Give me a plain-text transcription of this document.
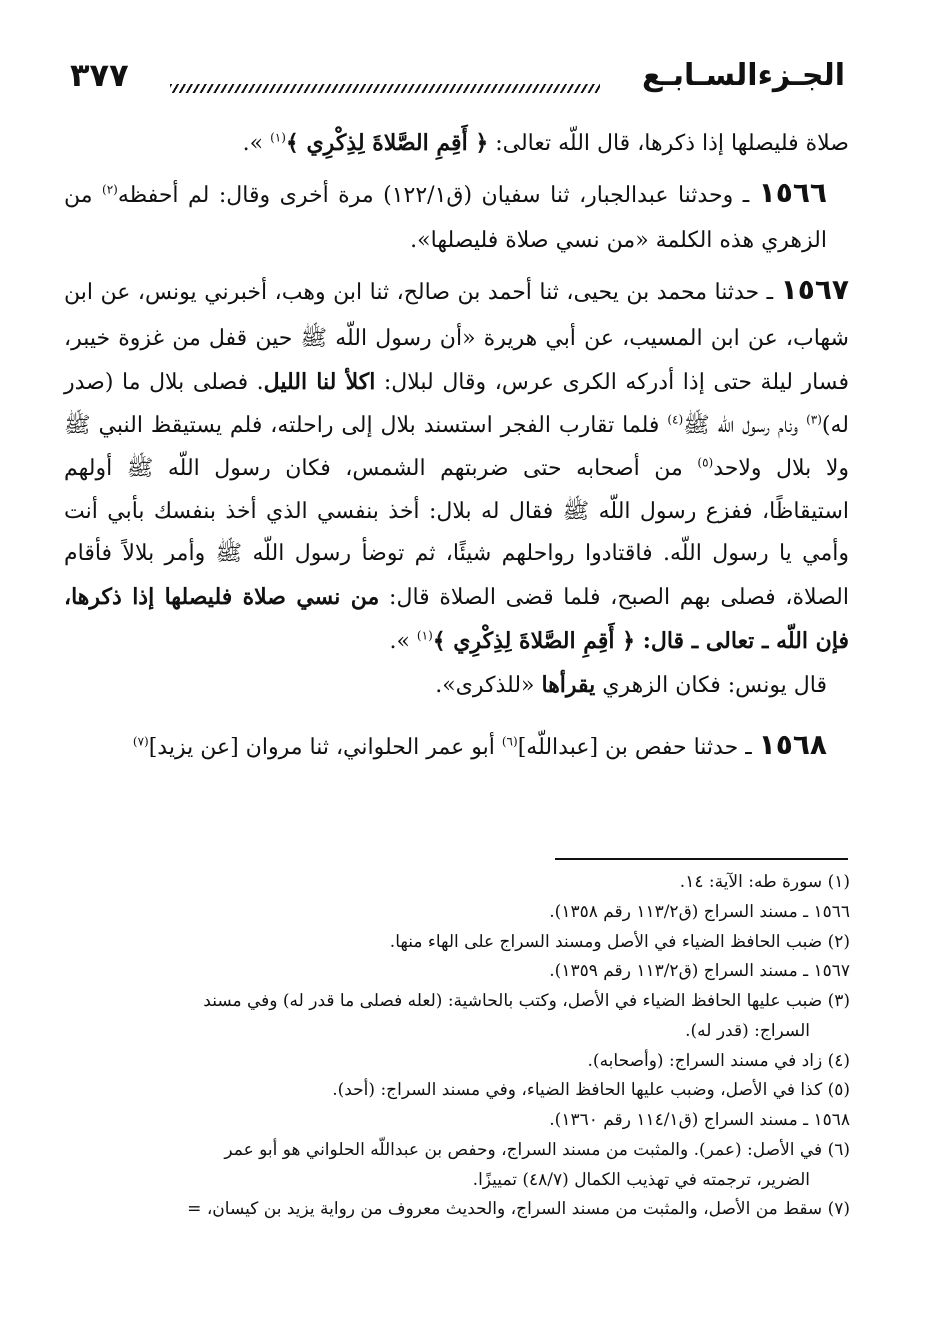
الجـزءالسـابـع
٣٧٧

صلاة فليصلها إذا ذكرها، قال اللّه تعالى: ﴿ أَقِمِ الصَّلاةَ لِذِكْرِي ﴾$^{(١)}$ ».

١٥٦٦ ـ وحدثنا عبدالجبار، ثنا سفيان (ق١٢٢/١) مرة أخرى وقال: لم أحفظه$^{(٢)}$ من الزهري هذه الكلمة «من نسي صلاة فليصلها».

١٥٦٧ ـ حدثنا محمد بن يحيى، ثنا أحمد بن صالح، ثنا ابن وهب، أخبرني يونس، عن ابن شهاب، عن ابن المسيب، عن أبي هريرة «أن رسول اللّه ﷺ حين قفل من غزوة خيبر، فسار ليلة حتى إذا أدركه الكرى عرس، وقال لبلال: اكلأ لنا الليل. فصلى بلال ما (صدر له)$^{(٣)}$ ونام رسول اللّه ﷺ$^{(٤)}$ فلما تقارب الفجر استسند بلال إلى راحلته، فلم يستيقظ النبي ﷺ ولا بلال ولاحد$^{(٥)}$ من أصحابه حتى ضربتهم الشمس، فكان رسول اللّه ﷺ أولهم استيقاظًا، ففزع رسول اللّه ﷺ فقال له بلال: أخذ بنفسي الذي أخذ بنفسك بأبي أنت وأمي يا رسول اللّه. فاقتادوا رواحلهم شيئًا، ثم توضأ رسول اللّه ﷺ وأمر بلالاً فأقام الصلاة، فصلى بهم الصبح، فلما قضى الصلاة قال: من نسي صلاة فليصلها إذا ذكرها، فإن اللّه ـ تعالى ـ قال: ﴿ أَقِمِ الصَّلاةَ لِذِكْرِي ﴾$^{(١)}$ ».

قال يونس: فكان الزهري يقرأها «للذكرى».

١٥٦٨ ـ حدثنا حفص بن [عبداللّه]$^{(٦)}$ أبو عمر الحلواني، ثنا مروان [عن يزيد]$^{(٧)}$

(١) سورة طه: الآية: ١٤.

١٥٦٦ ـ مسند السراج (ق١١٣/٢ رقم ١٣٥٨).

(٢) ضبب الحافظ الضياء في الأصل ومسند السراج على الهاء منها.

١٥٦٧ ـ مسند السراج (ق١١٣/٢ رقم ١٣٥٩).

(٣) ضبب عليها الحافظ الضياء في الأصل، وكتب بالحاشية: (لعله فصلى ما قدر له) وفي مسند

السراج: (قدر له).

(٤) زاد في مسند السراج: (وأصحابه).

(٥) كذا في الأصل، وضبب عليها الحافظ الضياء، وفي مسند السراج: (أحد).

١٥٦٨ ـ مسند السراج (ق١١٤/١ رقم ١٣٦٠).

(٦) في الأصل: (عمر). والمثبت من مسند السراج، وحفص بن عبداللّه الحلواني هو أبو عمر

الضرير، ترجمته في تهذيب الكمال (٤٨/٧) تمييزًا.

(٧) سقط من الأصل، والمثبت من مسند السراج، والحديث معروف من رواية يزيد بن كيسان، =
